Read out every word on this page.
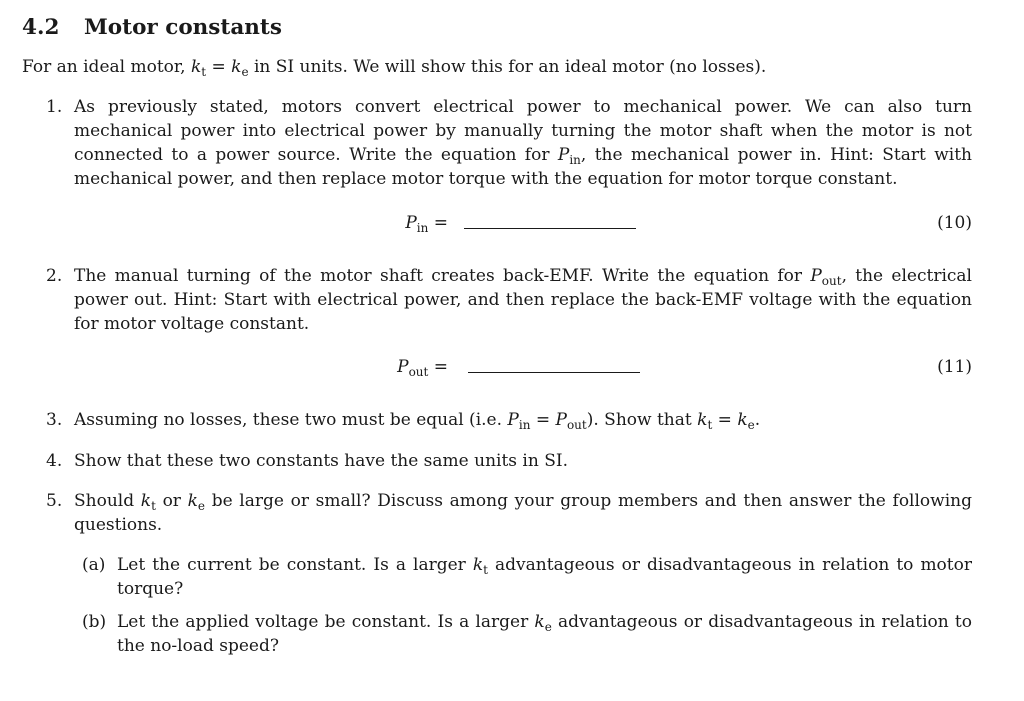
4.2 Motor constants
For an ideal motor, $k_t = k_e$ in SI units. We will show this for an ideal motor (no losses).
1. As previously stated, motors convert electrical power to mechanical power. We can also turn mechanical power into electrical power by manually turning the motor shaft when the motor is not connected to a power source. Write the equation for $P_{in}$, the mechanical power in. Hint: Start with mechanical power, and then replace motor torque with the equation for motor torque constant.
$P_{in}$ =	(10)
2. The manual turning of the motor shaft creates back-EMF. Write the equation for $P_{out}$, the electrical power out. Hint: Start with electrical power, and then replace the back-EMF voltage with the equation for motor voltage constant.
$P_{out}$ =	(11)
3. Assuming no losses, these two must be equal (i.e. $P_{in} = P_{out}$). Show that $k_t = k_e$.
4. Show that these two constants have the same units in SI.
5. Should $k_t$ or $k_e$ be large or small? Discuss among your group members and then answer the following questions.
(a) Let the current be constant. Is a larger $k_t$ advantageous or disadvantageous in relation to motor torque?
(b) Let the applied voltage be constant. Is a larger $k_e$ advantageous or disadvantageous in relation to the no-load speed?
